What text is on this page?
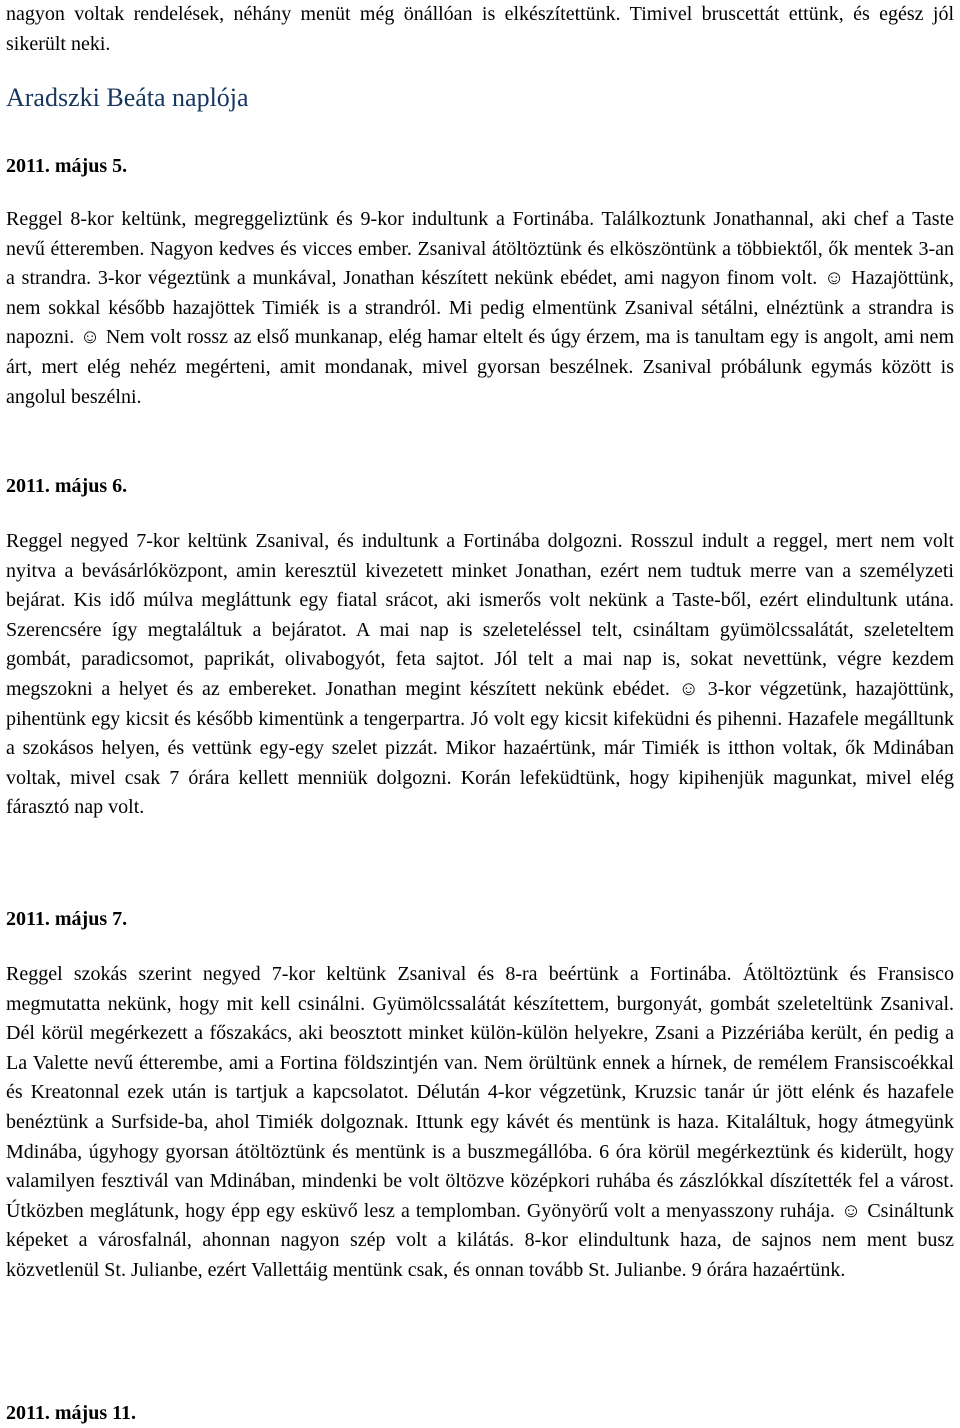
nagyon voltak rendelések, néhány menüt még önállóan is elkészítettünk. Timivel bruscettát ettünk, és egész jól sikerült neki.

Aradszki Beáta naplója
2011. május 5.

Reggel 8-kor keltünk, megreggeliztünk és 9-kor indultunk a Fortinába. Találkoztunk Jonathannal, aki chef a Taste nevű étteremben. Nagyon kedves és vicces ember. Zsanival átöltöztünk és elköszöntünk a többiektől, ők mentek 3-an a strandra. 3-kor végeztünk a munkával, Jonathan készített nekünk ebédet, ami nagyon finom volt. ☺ Hazajöttünk, nem sokkal később hazajöttek Timiék is a strandról. Mi pedig elmentünk Zsanival sétálni, elnéztünk a strandra is napozni. ☺ Nem volt rossz az első munkanap, elég hamar eltelt és úgy érzem, ma is tanultam egy is angolt, ami nem árt, mert elég nehéz megérteni, amit mondanak, mivel gyorsan beszélnek. Zsanival próbálunk egymás között is angolul beszélni.

2011. május 6.

Reggel negyed 7-kor keltünk Zsanival, és indultunk a Fortinába dolgozni. Rosszul indult a reggel, mert nem volt nyitva a bevásárlóközpont, amin keresztül kivezetett minket Jonathan, ezért nem tudtuk merre van a személyzeti bejárat. Kis idő múlva megláttunk egy fiatal srácot, aki ismerős volt nekünk a Taste-ből, ezért elindultunk utána. Szerencsére így megtaláltuk a bejáratot. A mai nap is szeleteléssel telt, csináltam gyümölcssalátát, szeleteltem gombát, paradicsomot, paprikát, olivabogyót, feta sajtot. Jól telt a mai nap is, sokat nevettünk, végre kezdem megszokni a helyet és az embereket. Jonathan megint készített nekünk ebédet. ☺ 3-kor végzetünk, hazajöttünk, pihentünk egy kicsit és később kimentünk a tengerpartra. Jó volt egy kicsit kifeküdni és pihenni. Hazafele megálltunk a szokásos helyen, és vettünk egy-egy szelet pizzát. Mikor hazaértünk, már Timiék is itthon voltak, ők Mdinában voltak, mivel csak 7 órára kellett menniük dolgozni. Korán lefeküdtünk, hogy kipihenjük magunkat, mivel elég fárasztó nap volt.

2011. május 7.

Reggel szokás szerint negyed 7-kor keltünk Zsanival és 8-ra beértünk a Fortinába. Átöltöztünk és Fransisco megmutatta nekünk, hogy mit kell csinálni. Gyümölcssalátát készítettem, burgonyát, gombát szeleteltünk Zsanival. Dél körül megérkezett a főszakács, aki beosztott minket külön-külön helyekre, Zsani a Pizzériába került, én pedig a La Valette nevű étterembe, ami a Fortina földszintjén van. Nem örültünk ennek a hírnek, de remélem Fransiscoékkal és Kreatonnal ezek után is tartjuk a kapcsolatot. Délután 4-kor végzetünk, Kruzsic tanár úr jött elénk és hazafele benéztünk a Surfside-ba, ahol Timiék dolgoznak. Ittunk egy kávét és mentünk is haza. Kitaláltuk, hogy átmegyünk Mdinába, úgyhogy gyorsan átöltöztünk és mentünk is a buszmegállóba. 6 óra körül megérkeztünk és kiderült, hogy valamilyen fesztivál van Mdinában, mindenki be volt öltözve középkori ruhába és zászlókkal díszítették fel a várost. Útközben meglátunk, hogy épp egy esküvő lesz a templomban. Gyönyörű volt a menyasszony ruhája. ☺ Csináltunk képeket a városfalnál, ahonnan nagyon szép volt a kilátás. 8-kor elindultunk haza, de sajnos nem ment busz közvetlenül St. Julianbe, ezért Vallettáig mentünk csak, és onnan tovább St. Julianbe. 9 órára hazaértünk.

2011. május 11.
